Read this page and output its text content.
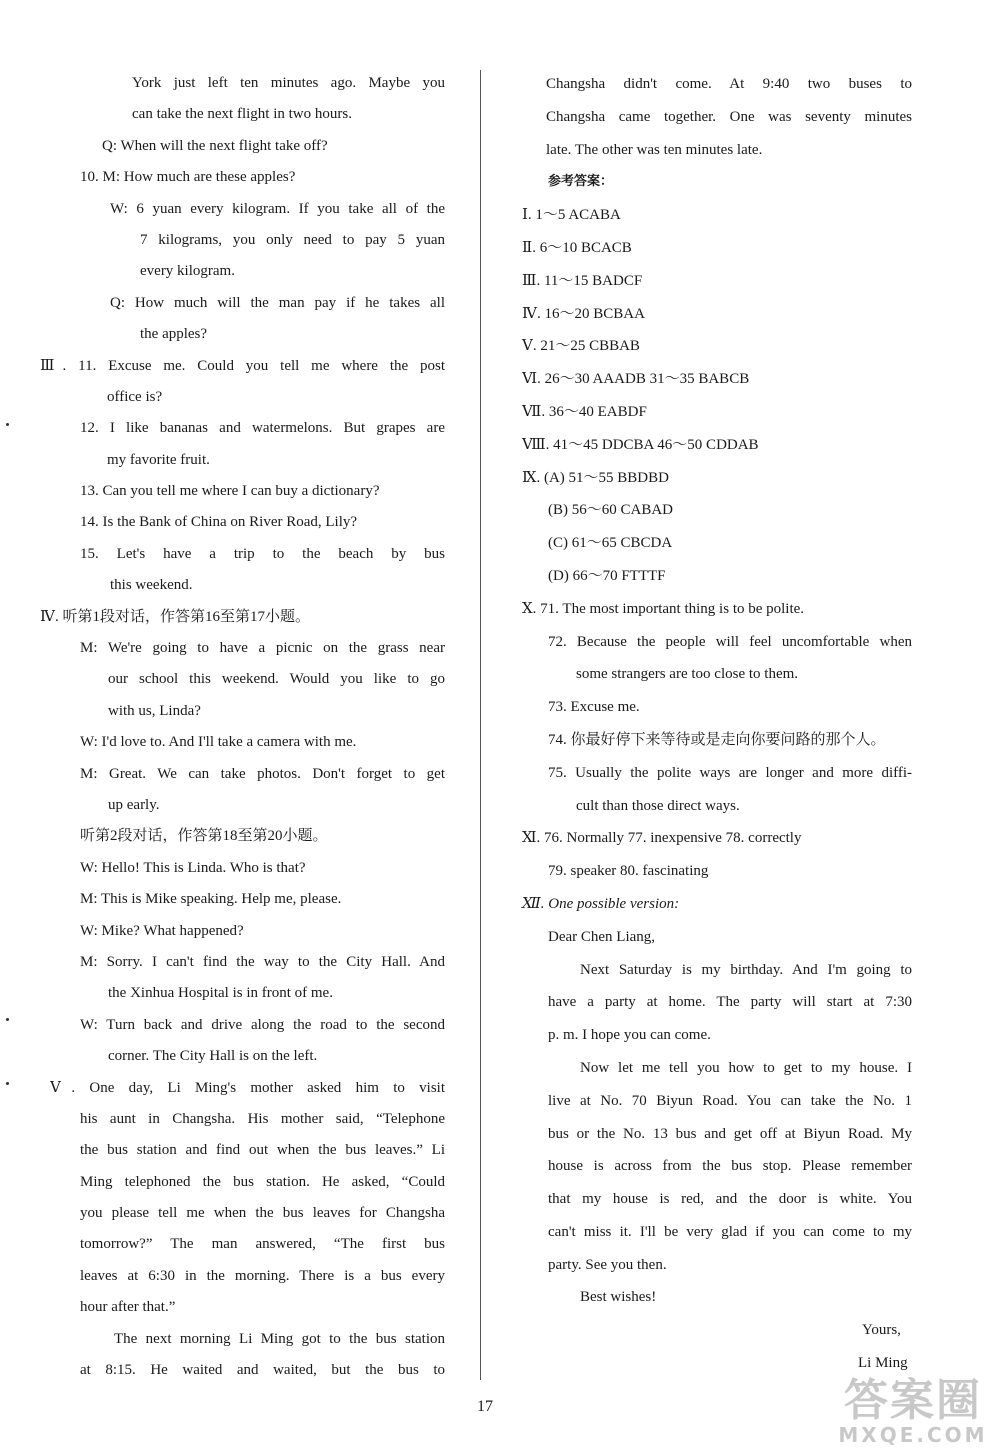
York just left ten minutes ago. Maybe you
can take the next flight in two hours.
Q: When will the next flight take off?
10. M: How much are these apples?
W: 6 yuan every kilogram. If you take all of the
7 kilograms, you only need to pay 5 yuan
every kilogram.
Q: How much will the man pay if he takes all
the apples?
Ⅲ. 11. Excuse me. Could you tell me where the post
office is?
12. I like bananas and watermelons. But grapes are
my favorite fruit.
13. Can you tell me where I can buy a dictionary?
14. Is the Bank of China on River Road, Lily?
15. Let's have a trip to the beach by bus
this weekend.
Ⅳ. 听第1段对话，作答第16至第17小题。
M: We're going to have a picnic on the grass near
our school this weekend. Would you like to go
with us, Linda?
W: I'd love to. And I'll take a camera with me.
M: Great. We can take photos. Don't forget to get
up early.
听第2段对话，作答第18至第20小题。
W: Hello! This is Linda. Who is that?
M: This is Mike speaking. Help me, please.
W: Mike? What happened?
M: Sorry. I can't find the way to the City Hall. And
the Xinhua Hospital is in front of me.
W: Turn back and drive along the road to the second
corner. The City Hall is on the left.
Ⅴ. One day, Li Ming's mother asked him to visit
his aunt in Changsha. His mother said, “Telephone
the bus station and find out when the bus leaves.” Li
Ming telephoned the bus station. He asked, “Could
you please tell me when the bus leaves for Changsha
tomorrow?” The man answered, “The first bus
leaves at 6:30 in the morning. There is a bus every
hour after that.”
The next morning Li Ming got to the bus station
at 8:15. He waited and waited, but the bus to
Changsha didn't come. At 9:40 two buses to
Changsha came together. One was seventy minutes
late. The other was ten minutes late.
参考答案：
Ⅰ. 1～5 ACABA
Ⅱ. 6～10 BCACB
Ⅲ. 11～15 BADCF
Ⅳ. 16～20 BCBAA
Ⅴ. 21～25 CBBAB
Ⅵ. 26～30 AAADB 31～35 BABCB
Ⅶ. 36～40 EABDF
Ⅷ. 41～45 DDCBA 46～50 CDDAB
Ⅸ. (A) 51～55 BBDBD
(B) 56～60 CABAD
(C) 61～65 CBCDA
(D) 66～70 FTTTF
Ⅹ. 71. The most important thing is to be polite.
72. Because the people will feel uncomfortable when
some strangers are too close to them.
73. Excuse me.
74. 你最好停下来等待或是走向你要问路的那个人。
75. Usually the polite ways are longer and more diffi-
cult than those direct ways.
Ⅺ. 76. Normally 77. inexpensive 78. correctly
79. speaker 80. fascinating
Ⅻ. One possible version:
Dear Chen Liang,
Next Saturday is my birthday. And I'm going to
have a party at home. The party will start at 7:30
p. m. I hope you can come.
Now let me tell you how to get to my house. I
live at No. 70 Biyun Road. You can take the No. 1
bus or the No. 13 bus and get off at Biyun Road. My
house is across from the bus stop. Please remember
that my house is red, and the door is white. You
can't miss it. I'll be very glad if you can come to my
party. See you then.
Best wishes!
Yours,
Li Ming
17	答案圈
MXQE.COM
